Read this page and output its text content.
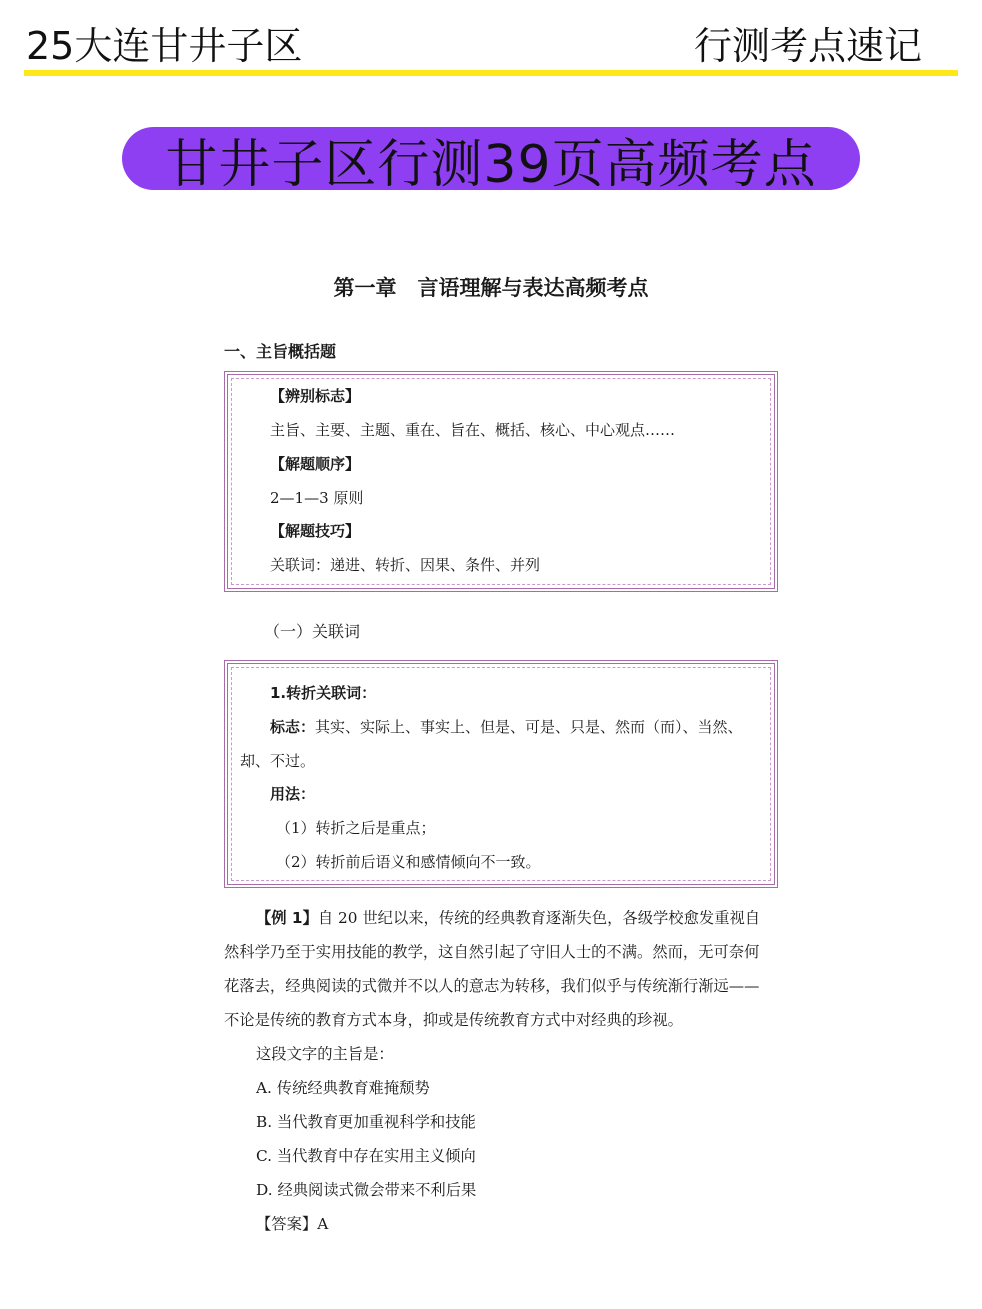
25大连甘井子区	行测考点速记
甘井子区行测39页高频考点
第一章　言语理解与表达高频考点
一、主旨概括题
【辨别标志】
主旨、主要、主题、重在、旨在、概括、核心、中心观点……
【解题顺序】
2—1—3 原则
【解题技巧】
关联词：递进、转折、因果、条件、并列
（一）关联词
1.转折关联词：
标志：其实、实际上、事实上、但是、可是、只是、然而（而）、当然、
却、不过。
用法：
（1）转折之后是重点；
（2）转折前后语义和感情倾向不一致。
【例 1】自 20 世纪以来，传统的经典教育逐渐失色，各级学校愈发重视自
然科学乃至于实用技能的教学，这自然引起了守旧人士的不满。然而，无可奈何
花落去，经典阅读的式微并不以人的意志为转移，我们似乎与传统渐行渐远——
不论是传统的教育方式本身，抑或是传统教育方式中对经典的珍视。
这段文字的主旨是：
A. 传统经典教育难掩颓势
B. 当代教育更加重视科学和技能
C. 当代教育中存在实用主义倾向
D. 经典阅读式微会带来不利后果
【答案】A
